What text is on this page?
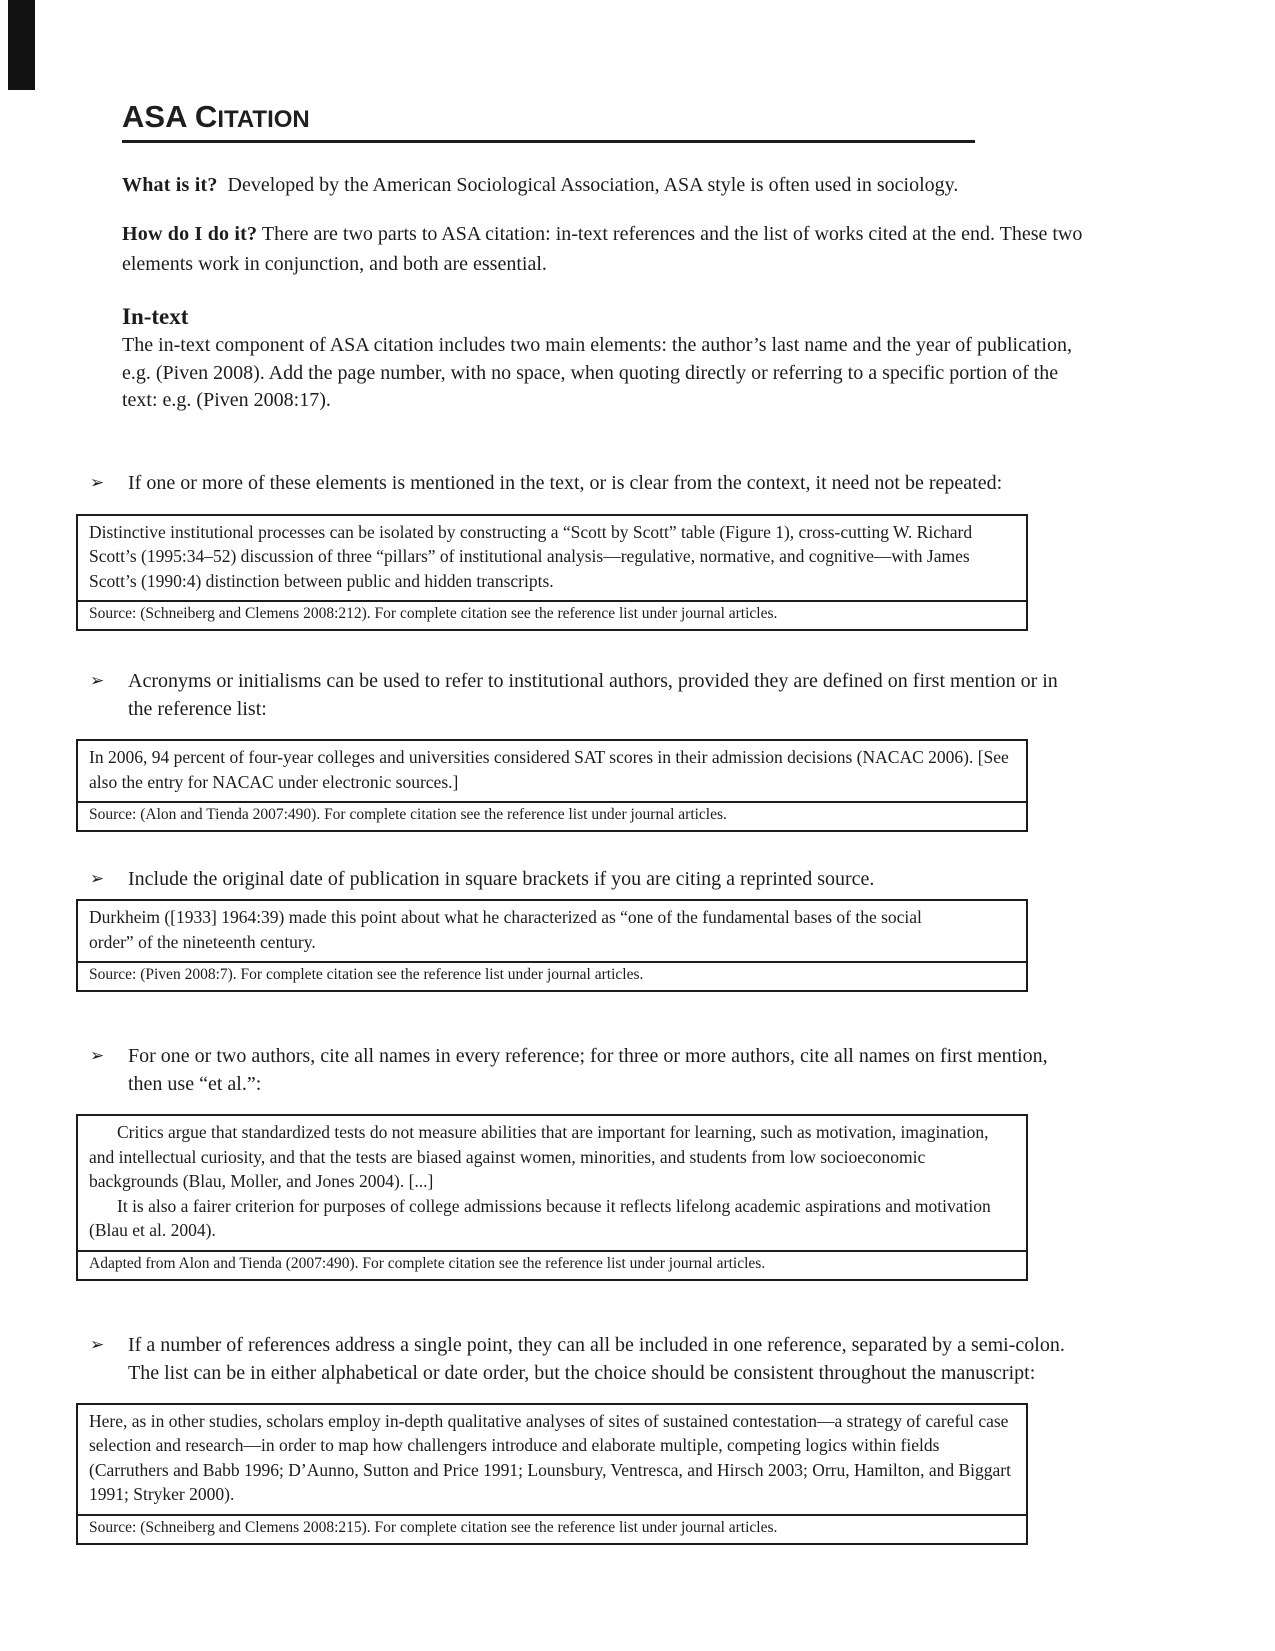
ASA CITATION

What is it? Developed by the American Sociological Association, ASA style is often used in sociology.

How do I do it? There are two parts to ASA citation: in-text references and the list of works cited at the end. These two elements work in conjunction, and both are essential.

In-text

The in-text component of ASA citation includes two main elements: the author’s last name and the year of publication, e.g. (Piven 2008). Add the page number, with no space, when quoting directly or referring to a specific portion of the text: e.g. (Piven 2008:17).

➢	If one or more of these elements is mentioned in the text, or is clear from the context, it need not be repeated:

Distinctive institutional processes can be isolated by constructing a “Scott by Scott” table (Figure 1), cross-cutting W. Richard Scott’s (1995:34–52) discussion of three “pillars” of institutional analysis—regulative, normative, and cognitive—with James Scott’s (1990:4) distinction between public and hidden transcripts.

Source: (Schneiberg and Clemens 2008:212). For complete citation see the reference list under journal articles.
➢	Acronyms or initialisms can be used to refer to institutional authors, provided they are defined on first mention or in the reference list:

In 2006, 94 percent of four-year colleges and universities considered SAT scores in their admission decisions (NACAC 2006). [See also the entry for NACAC under electronic sources.]

Source: (Alon and Tienda 2007:490). For complete citation see the reference list under journal articles.
➢	Include the original date of publication in square brackets if you are citing a reprinted source.

Durkheim ([1933] 1964:39) made this point about what he characterized as “one of the fundamental bases of the social order” of the nineteenth century.

Source: (Piven 2008:7). For complete citation see the reference list under journal articles.
➢	For one or two authors, cite all names in every reference; for three or more authors, cite all names on first mention, then use “et al.”:

Critics argue that standardized tests do not measure abilities that are important for learning, such as motivation, imagination, and intellectual curiosity, and that the tests are biased against women, minorities, and students from low socioeconomic backgrounds (Blau, Moller, and Jones 2004). [...]

It is also a fairer criterion for purposes of college admissions because it reflects lifelong academic aspirations and motivation (Blau et al. 2004).

Adapted from Alon and Tienda (2007:490). For complete citation see the reference list under journal articles.
➢	If a number of references address a single point, they can all be included in one reference, separated by a semi-colon. The list can be in either alphabetical or date order, but the choice should be consistent throughout the manuscript:

Here, as in other studies, scholars employ in-depth qualitative analyses of sites of sustained contestation—a strategy of careful case selection and research—in order to map how challengers introduce and elaborate multiple, competing logics within fields (Carruthers and Babb 1996; D’Aunno, Sutton and Price 1991; Lounsbury, Ventresca, and Hirsch 2003; Orru, Hamilton, and Biggart 1991; Stryker 2000).

Source: (Schneiberg and Clemens 2008:215). For complete citation see the reference list under journal articles.
